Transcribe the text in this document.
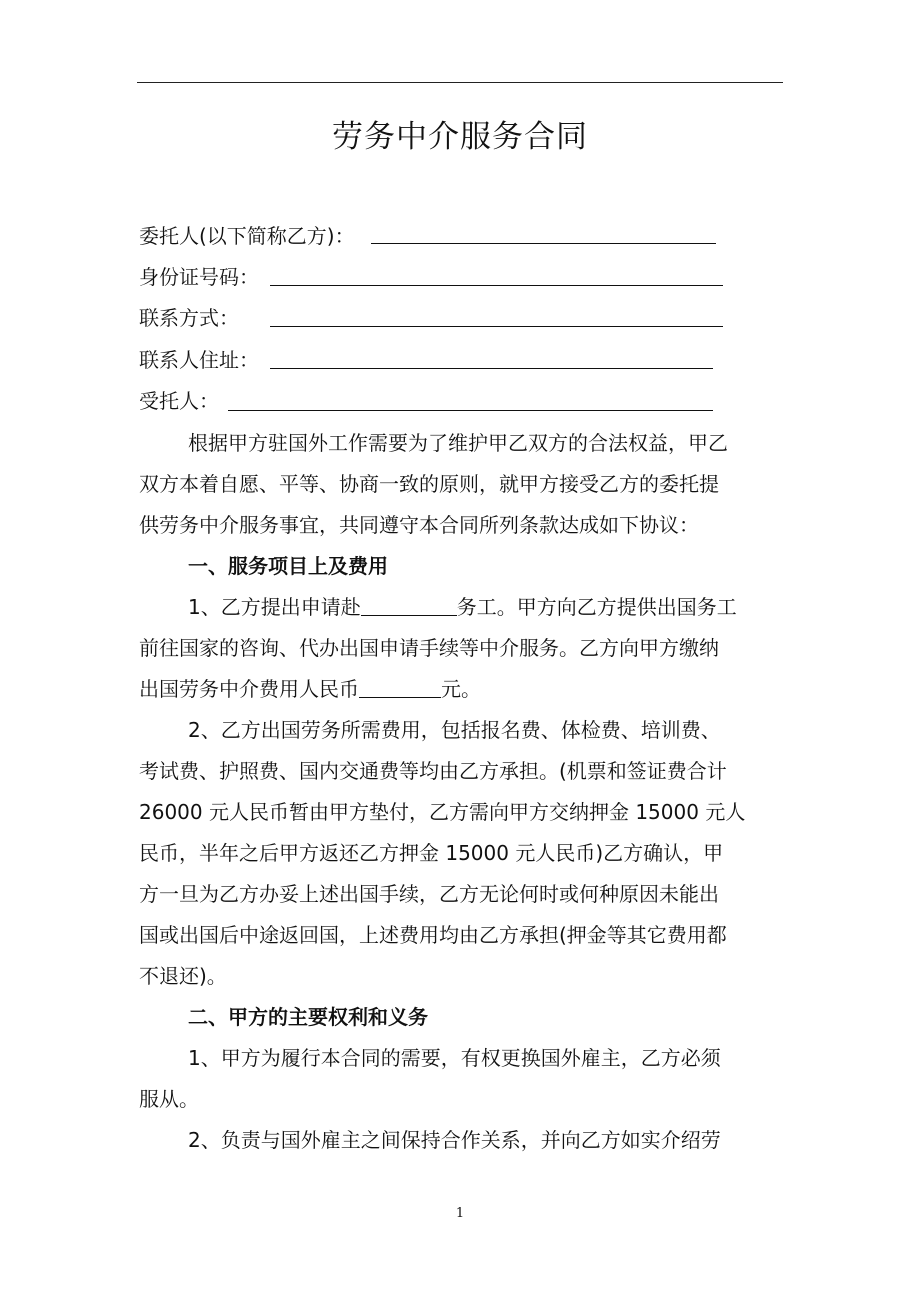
劳务中介服务合同
委托人(以下简称乙方)：
身份证号码：
联系方式：
联系人住址：
受托人：
根据甲方驻国外工作需要为了维护甲乙双方的合法权益，甲乙
双方本着自愿、平等、协商一致的原则，就甲方接受乙方的委托提
供劳务中介服务事宜，共同遵守本合同所列条款达成如下协议：
一、服务项目上及费用
1、乙方提出申请赴	务工。甲方向乙方提供出国务工
前往国家的咨询、代办出国申请手续等中介服务。乙方向甲方缴纳
出国劳务中介费用人民币	元。
2、乙方出国劳务所需费用，包括报名费、体检费、培训费、
考试费、护照费、国内交通费等均由乙方承担。(机票和签证费合计
26000 元人民币暂由甲方垫付，乙方需向甲方交纳押金 15000 元人
民币，半年之后甲方返还乙方押金 15000 元人民币)乙方确认，甲
方一旦为乙方办妥上述出国手续，乙方无论何时或何种原因未能出
国或出国后中途返回国，上述费用均由乙方承担(押金等其它费用都
不退还)。
二、甲方的主要权利和义务
1、甲方为履行本合同的需要，有权更换国外雇主，乙方必须
服从。
2、负责与国外雇主之间保持合作关系，并向乙方如实介绍劳
1
